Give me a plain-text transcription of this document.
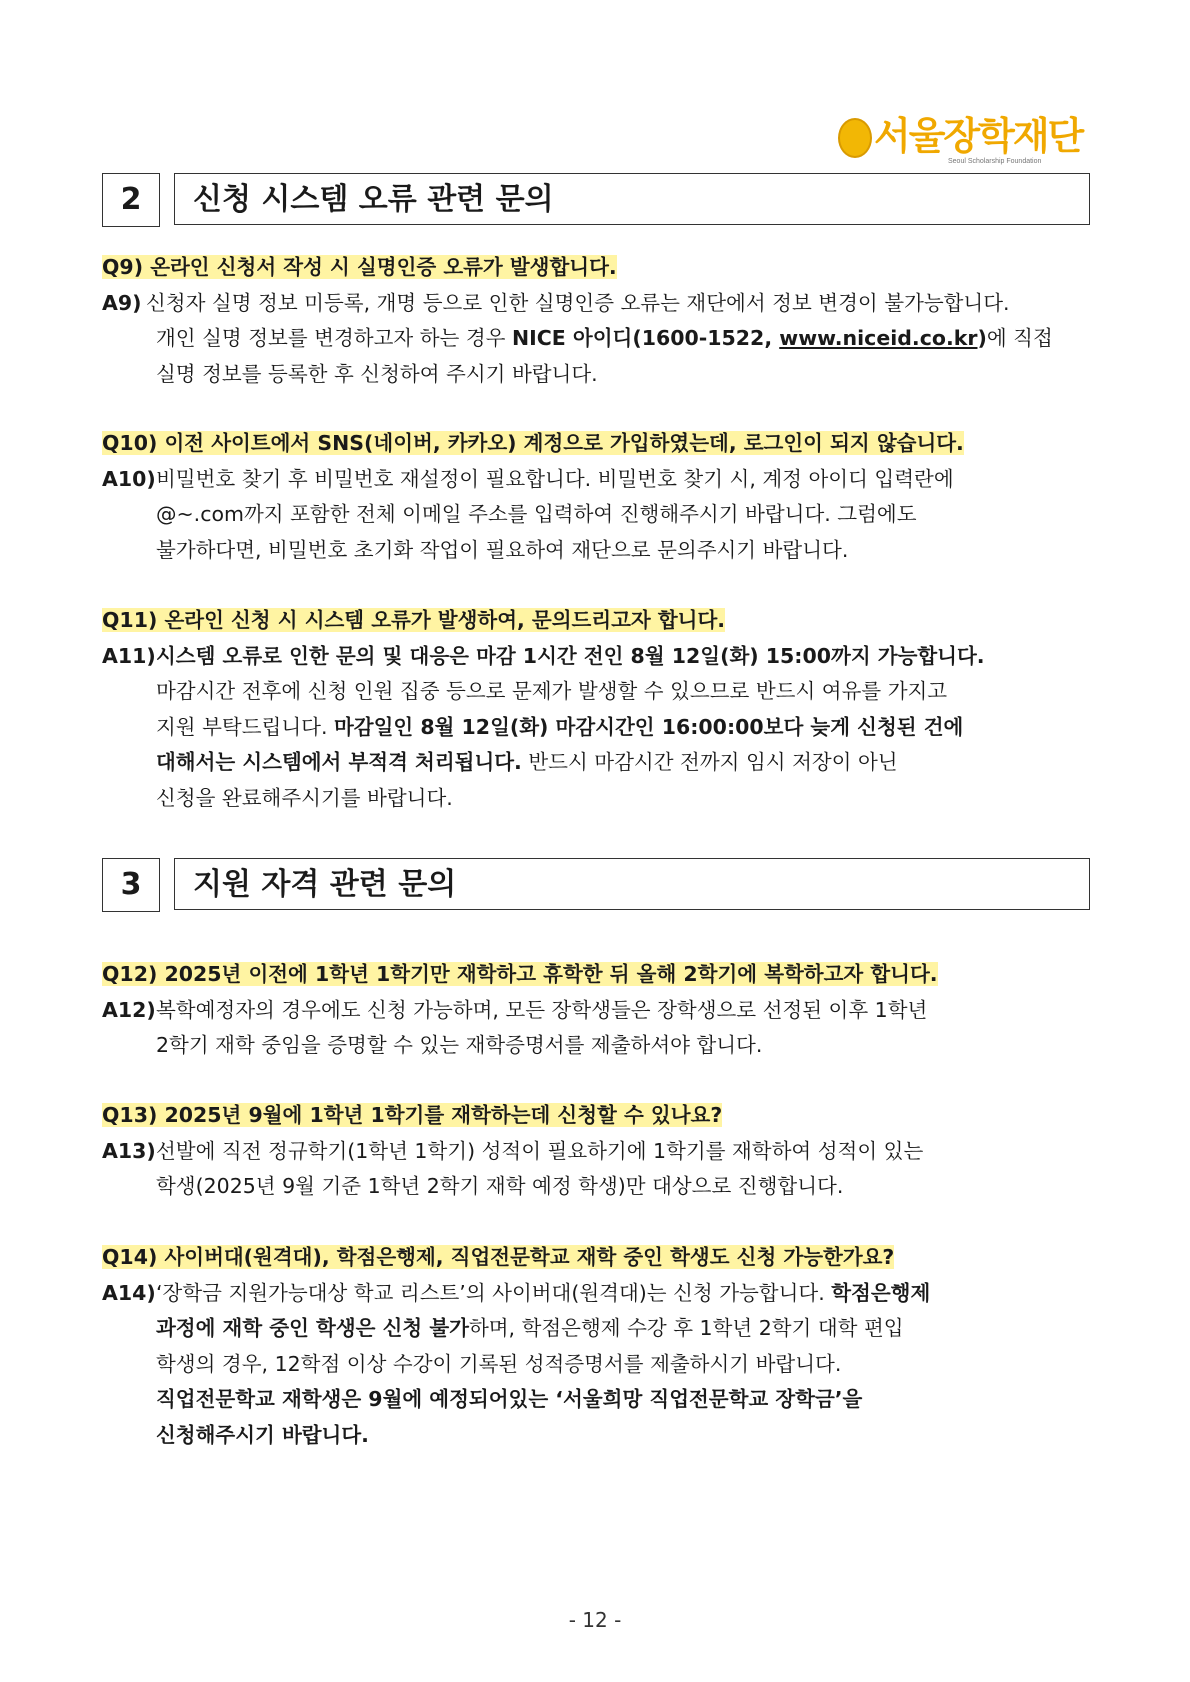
서울장학재단
Seoul Scholarship Foundation
2	신청 시스템 오류 관련 문의
Q9) 온라인 신청서 작성 시 실명인증 오류가 발생합니다.
A9) 신청자 실명 정보 미등록, 개명 등으로 인한 실명인증 오류는 재단에서 정보 변경이 불가능합니다.
개인 실명 정보를 변경하고자 하는 경우 NICE 아이디(1600-1522, www.niceid.co.kr)에 직접
실명 정보를 등록한 후 신청하여 주시기 바랍니다.
Q10) 이전 사이트에서 SNS(네이버, 카카오) 계정으로 가입하였는데, 로그인이 되지 않습니다.
A10)비밀번호 찾기 후 비밀번호 재설정이 필요합니다. 비밀번호 찾기 시, 계정 아이디 입력란에
@~.com까지 포함한 전체 이메일 주소를 입력하여 진행해주시기 바랍니다. 그럼에도
불가하다면, 비밀번호 초기화 작업이 필요하여 재단으로 문의주시기 바랍니다.
Q11) 온라인 신청 시 시스템 오류가 발생하여, 문의드리고자 합니다.
A11)시스템 오류로 인한 문의 및 대응은 마감 1시간 전인 8월 12일(화) 15:00까지 가능합니다.
마감시간 전후에 신청 인원 집중 등으로 문제가 발생할 수 있으므로 반드시 여유를 가지고
지원 부탁드립니다. 마감일인 8월 12일(화) 마감시간인 16:00:00보다 늦게 신청된 건에
대해서는 시스템에서 부적격 처리됩니다. 반드시 마감시간 전까지 임시 저장이 아닌
신청을 완료해주시기를 바랍니다.
3	지원 자격 관련 문의
Q12) 2025년 이전에 1학년 1학기만 재학하고 휴학한 뒤 올해 2학기에 복학하고자 합니다.
A12)복학예정자의 경우에도 신청 가능하며, 모든 장학생들은 장학생으로 선정된 이후 1학년
2학기 재학 중임을 증명할 수 있는 재학증명서를 제출하셔야 합니다.
Q13) 2025년 9월에 1학년 1학기를 재학하는데 신청할 수 있나요?
A13)선발에 직전 정규학기(1학년 1학기) 성적이 필요하기에 1학기를 재학하여 성적이 있는
학생(2025년 9월 기준 1학년 2학기 재학 예정 학생)만 대상으로 진행합니다.
Q14) 사이버대(원격대), 학점은행제, 직업전문학교 재학 중인 학생도 신청 가능한가요?
A14)‘장학금 지원가능대상 학교 리스트’의 사이버대(원격대)는 신청 가능합니다. 학점은행제
과정에 재학 중인 학생은 신청 불가하며, 학점은행제 수강 후 1학년 2학기 대학 편입
학생의 경우, 12학점 이상 수강이 기록된 성적증명서를 제출하시기 바랍니다.
직업전문학교 재학생은 9월에 예정되어있는 ‘서울희망 직업전문학교 장학금’을
신청해주시기 바랍니다.
- 12 -
